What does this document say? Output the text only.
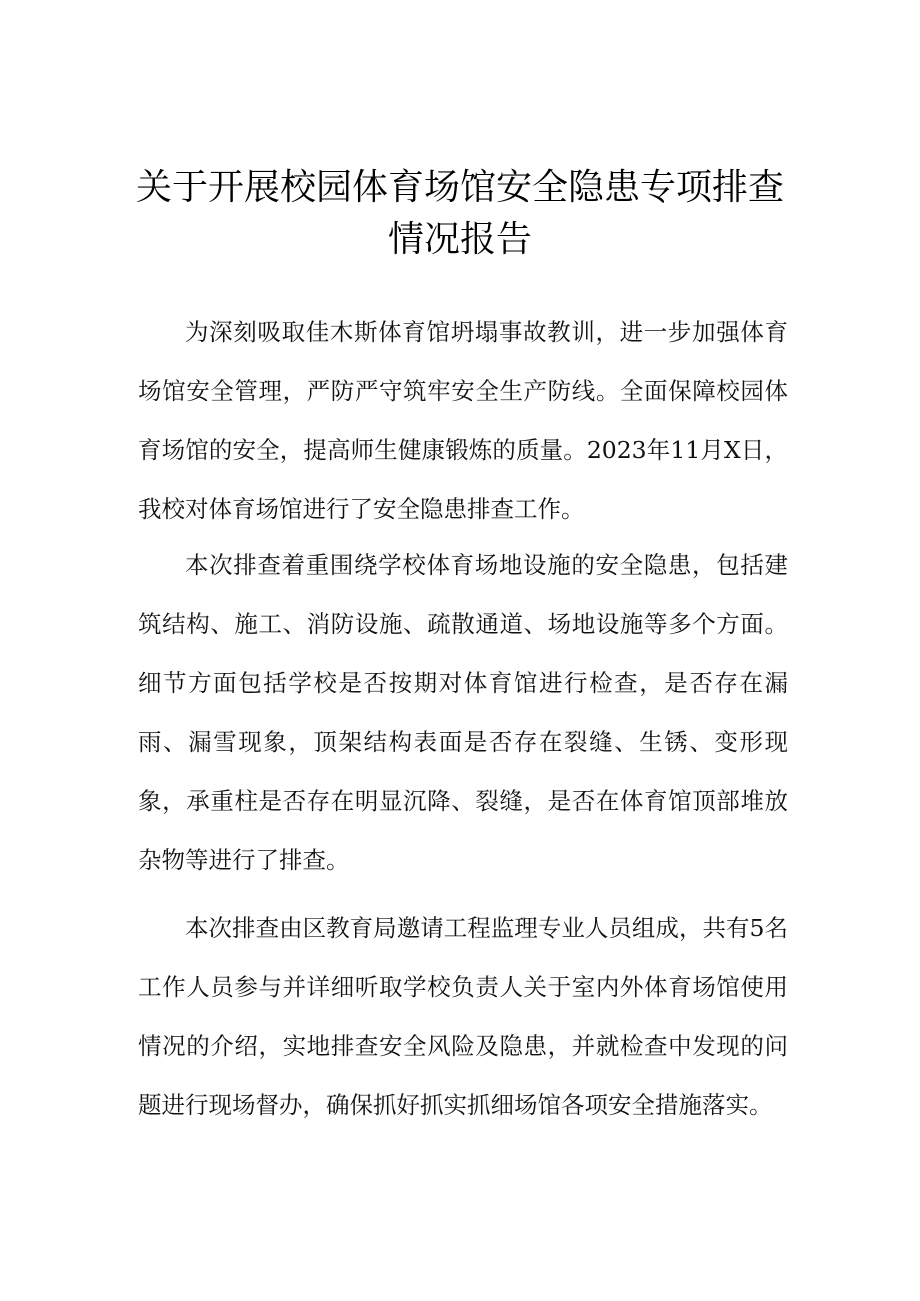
关于开展校园体育场馆安全隐患专项排查
情况报告

为深刻吸取佳木斯体育馆坍塌事故教训，进一步加强体育场馆安全管理，严防严守筑牢安全生产防线。全面保障校园体育场馆的安全，提高师生健康锻炼的质量。2023年11月X日，我校对体育场馆进行了安全隐患排查工作。

本次排查着重围绕学校体育场地设施的安全隐患，包括建筑结构、施工、消防设施、疏散通道、场地设施等多个方面。细节方面包括学校是否按期对体育馆进行检查，是否存在漏雨、漏雪现象，顶架结构表面是否存在裂缝、生锈、变形现象，承重柱是否存在明显沉降、裂缝，是否在体育馆顶部堆放杂物等进行了排查。

本次排查由区教育局邀请工程监理专业人员组成，共有5名工作人员参与并详细听取学校负责人关于室内外体育场馆使用情况的介绍，实地排查安全风险及隐患，并就检查中发现的问题进行现场督办，确保抓好抓实抓细场馆各项安全措施落实。
